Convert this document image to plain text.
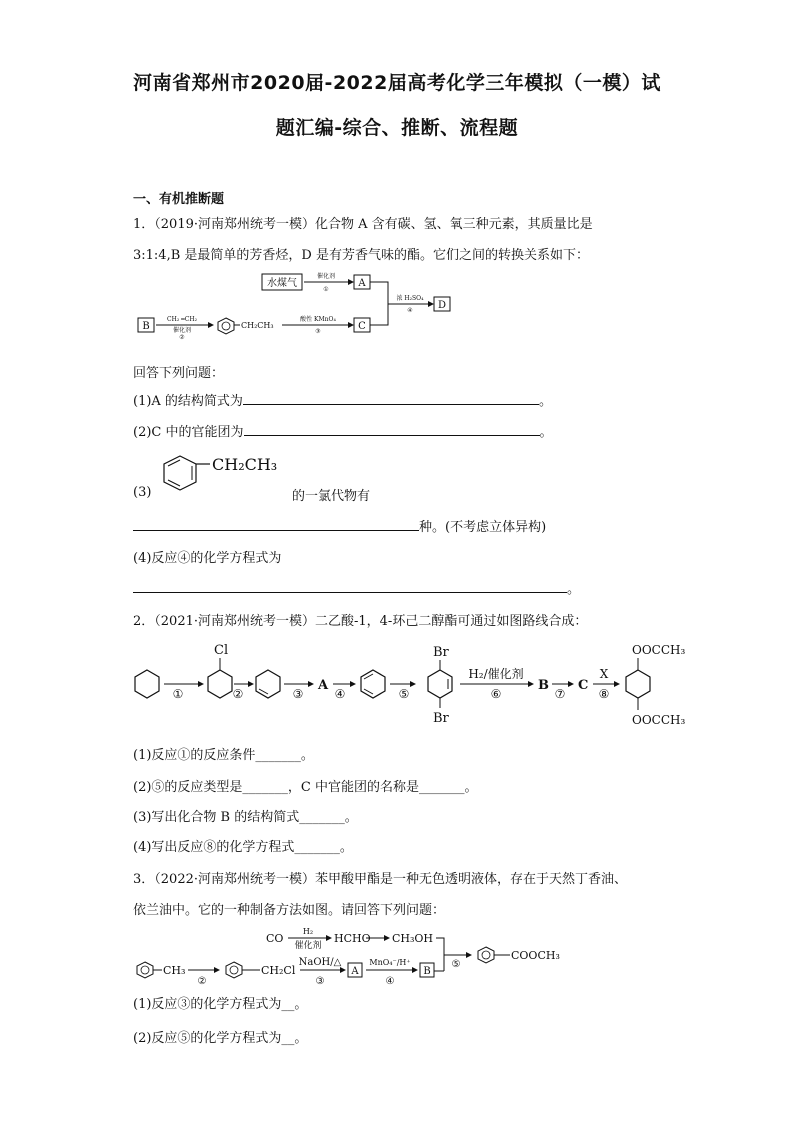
河南省郑州市2020届-2022届高考化学三年模拟（一模）试
题汇编-综合、推断、流程题
一、有机推断题
1．（2019·河南郑州统考一模）化合物 A 含有碳、氢、氧三种元素，其质量比是
3:1:4,B 是最简单的芳香烃，D 是有芳香气味的酯。它们之间的转换关系如下：
水煤气
催化剂
①
A
B
CH₂ ═CH₂
催化剂
②
CH₂CH₃
酸性 KMnO₄
③	C
浓 H₂SO₄
④	D
回答下列问题：
(1)A 的结构简式为	。
(2)C 中的官能团为	。
(3)
CH₂CH₃
的一氯代物有
种。(不考虑立体异构)
(4)反应④的化学方程式为
。
2．（2021·河南郑州统考一模）二乙酸-1，4-环己二醇酯可通过如图路线合成：
①
Cl
②	③
A
④	⑤
Br
Br
H₂/催化剂
⑥
B
⑦
C
X
⑧
OOCCH₃
OOCCH₃
(1)反应①的反应条件_______。
(2)⑤的反应类型是_______，C 中官能团的名称是_______。
(3)写出化合物 B 的结构简式_______。
(4)写出反应⑧的化学方程式_______。
3．（2022·河南郑州统考一模）苯甲酸甲酯是一种无色透明液体，存在于天然丁香油、
依兰油中。它的一种制备方法如图。请回答下列问题：
CO
H₂
催化剂
HCHO CH₃OH
CH₃
②
CH₂Cl
NaOH/△
③
A
MnO₄⁻/H⁺
④
B
⑤
COOCH₃
(1)反应③的化学方程式为__。
(2)反应⑤的化学方程式为__。
